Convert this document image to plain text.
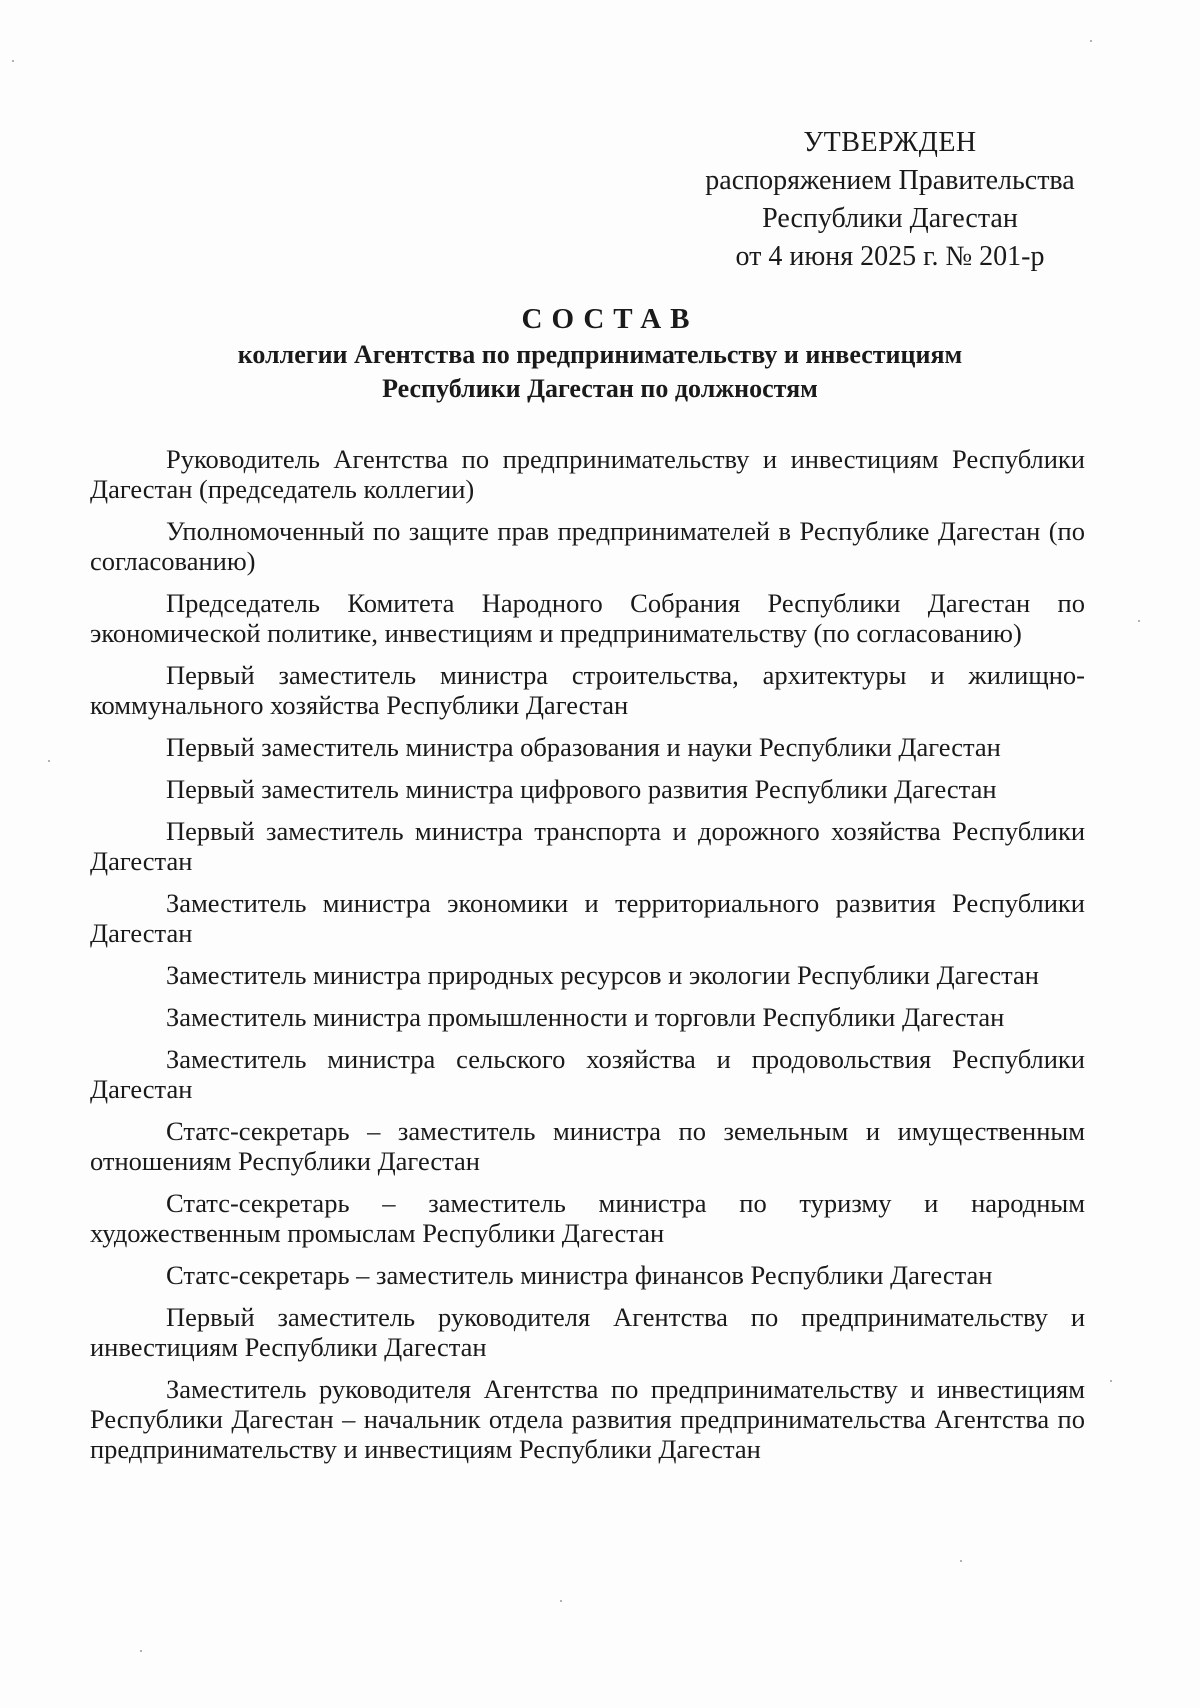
УТВЕРЖДЕН
распоряжением Правительства
Республики Дагестан
от 4 июня 2025 г. № 201-р
СОСТАВ
коллегии Агентства по предпринимательству и инвестициям
Республики Дагестан по должностям
Руководитель Агентства по предпринимательству и инвестициям Республики Дагестан (председатель коллегии)
Уполномоченный по защите прав предпринимателей в Республике Дагестан (по согласованию)
Председатель Комитета Народного Собрания Республики Дагестан по экономической политике, инвестициям и предпринимательству (по согласованию)
Первый заместитель министра строительства, архитектуры и жилищно-коммунального хозяйства Республики Дагестан
Первый заместитель министра образования и науки Республики Дагестан
Первый заместитель министра цифрового развития Республики Дагестан
Первый заместитель министра транспорта и дорожного хозяйства Республики Дагестан
Заместитель министра экономики и территориального развития Республики Дагестан
Заместитель министра природных ресурсов и экологии Республики Дагестан
Заместитель министра промышленности и торговли Республики Дагестан
Заместитель министра сельского хозяйства и продовольствия Республики Дагестан
Статс-секретарь – заместитель министра по земельным и имущественным отношениям Республики Дагестан
Статс-секретарь – заместитель министра по туризму и народным художественным промыслам Республики Дагестан
Статс-секретарь – заместитель министра финансов Республики Дагестан
Первый заместитель руководителя Агентства по предпринимательству и инвестициям Республики Дагестан
Заместитель руководителя Агентства по предпринимательству и инвестициям Республики Дагестан – начальник отдела развития предпринимательства Агентства по предпринимательству и инвестициям Республики Дагестан
